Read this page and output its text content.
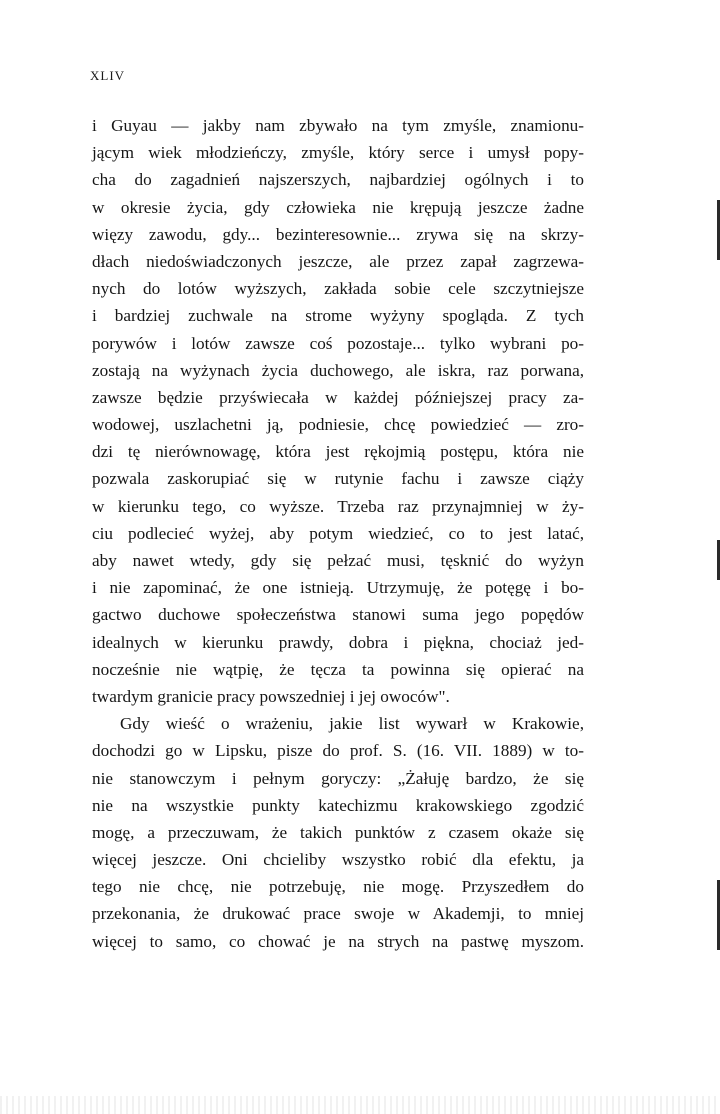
XLIV
i Guyau — jakby nam zbywało na tym zmyśle, znamionu-
jącym wiek młodzieńczy, zmyśle, który serce i umysł popy-
cha do zagadnień najszerszych, najbardziej ogólnych i to
w okresie życia, gdy człowieka nie krępują jeszcze żadne
więzy zawodu, gdy... bezinteresownie... zrywa się na skrzy-
dłach niedoświadczonych jeszcze, ale przez zapał zagrzewa-
nych do lotów wyższych, zakłada sobie cele szczytniejsze
i bardziej zuchwale na strome wyżyny spogląda. Z tych
porywów i lotów zawsze coś pozostaje... tylko wybrani po-
zostają na wyżynach życia duchowego, ale iskra, raz porwana,
zawsze będzie przyświecała w każdej późniejszej pracy za-
wodowej, uszlachetni ją, podniesie, chcę powiedzieć — zro-
dzi tę nierównowagę, która jest rękojmią postępu, która nie
pozwala zaskorupiać się w rutynie fachu i zawsze ciąży
w kierunku tego, co wyższe. Trzeba raz przynajmniej w ży-
ciu podlecieć wyżej, aby potym wiedzieć, co to jest latać,
aby nawet wtedy, gdy się pełzać musi, tęsknić do wyżyn
i nie zapominać, że one istnieją. Utrzymuję, że potęgę i bo-
gactwo duchowe społeczeństwa stanowi suma jego popędów
idealnych w kierunku prawdy, dobra i piękna, chociaż jed-
nocześnie nie wątpię, że tęcza ta powinna się opierać na
twardym granicie pracy powszedniej i jej owoców".
Gdy wieść o wrażeniu, jakie list wywarł w Krakowie,
dochodzi go w Lipsku, pisze do prof. S. (16. VII. 1889) w to-
nie stanowczym i pełnym goryczy: „Żałuję bardzo, że się
nie na wszystkie punkty katechizmu krakowskiego zgodzić
mogę, a przeczuwam, że takich punktów z czasem okaże się
więcej jeszcze. Oni chcieliby wszystko robić dla efektu, ja
tego nie chcę, nie potrzebuję, nie mogę. Przyszedłem do
przekonania, że drukować prace swoje w Akademji, to mniej
więcej to samo, co chować je na strych na pastwę myszom.
